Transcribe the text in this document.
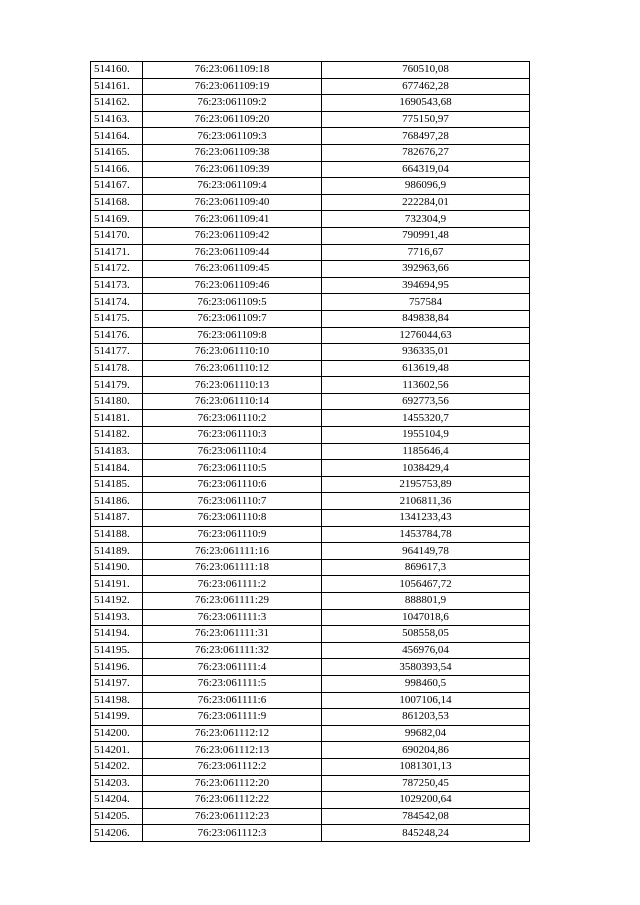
514160.	76:23:061109:18	760510,08
514161.	76:23:061109:19	677462,28
514162.	76:23:061109:2	1690543,68
514163.	76:23:061109:20	775150,97
514164.	76:23:061109:3	768497,28
514165.	76:23:061109:38	782676,27
514166.	76:23:061109:39	664319,04
514167.	76:23:061109:4	986096,9
514168.	76:23:061109:40	222284,01
514169.	76:23:061109:41	732304,9
514170.	76:23:061109:42	790991,48
514171.	76:23:061109:44	7716,67
514172.	76:23:061109:45	392963,66
514173.	76:23:061109:46	394694,95
514174.	76:23:061109:5	757584
514175.	76:23:061109:7	849838,84
514176.	76:23:061109:8	1276044,63
514177.	76:23:061110:10	936335,01
514178.	76:23:061110:12	613619,48
514179.	76:23:061110:13	113602,56
514180.	76:23:061110:14	692773,56
514181.	76:23:061110:2	1455320,7
514182.	76:23:061110:3	1955104,9
514183.	76:23:061110:4	1185646,4
514184.	76:23:061110:5	1038429,4
514185.	76:23:061110:6	2195753,89
514186.	76:23:061110:7	2106811,36
514187.	76:23:061110:8	1341233,43
514188.	76:23:061110:9	1453784,78
514189.	76:23:061111:16	964149,78
514190.	76:23:061111:18	869617,3
514191.	76:23:061111:2	1056467,72
514192.	76:23:061111:29	888801,9
514193.	76:23:061111:3	1047018,6
514194.	76:23:061111:31	508558,05
514195.	76:23:061111:32	456976,04
514196.	76:23:061111:4	3580393,54
514197.	76:23:061111:5	998460,5
514198.	76:23:061111:6	1007106,14
514199.	76:23:061111:9	861203,53
514200.	76:23:061112:12	99682,04
514201.	76:23:061112:13	690204,86
514202.	76:23:061112:2	1081301,13
514203.	76:23:061112:20	787250,45
514204.	76:23:061112:22	1029200,64
514205.	76:23:061112:23	784542,08
514206.	76:23:061112:3	845248,24
